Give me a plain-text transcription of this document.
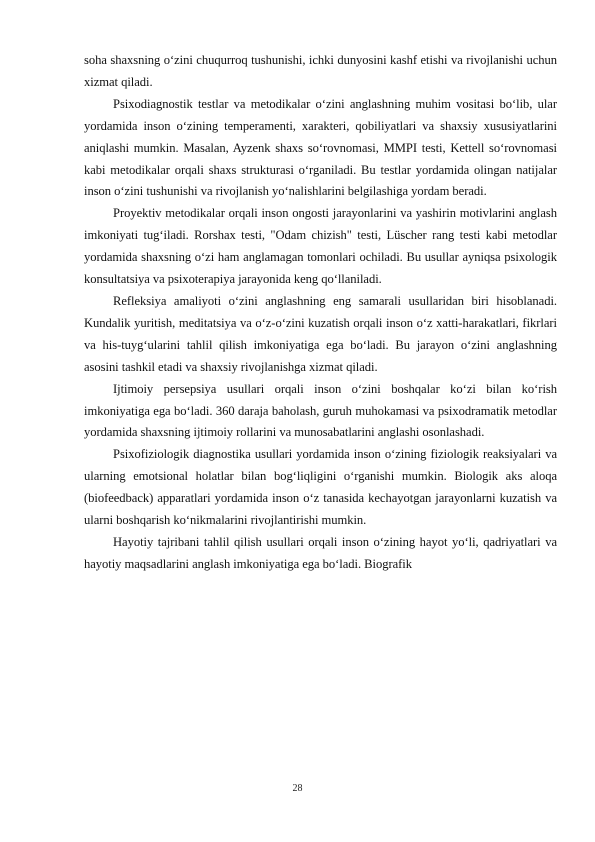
soha shaxsning o‘zini chuqurroq tushunishi, ichki dunyosini kashf etishi va rivojlanishi uchun xizmat qiladi.

Psixodiagnostik testlar va metodikalar o‘zini anglashning muhim vositasi bo‘lib, ular yordamida inson o‘zining temperamenti, xarakteri, qobiliyatlari va shaxsiy xususiyatlarini aniqlashi mumkin. Masalan, Ayzenk shaxs so‘rovnomasi, MMPI testi, Kettell so‘rovnomasi kabi metodikalar orqali shaxs strukturasi o‘rganiladi. Bu testlar yordamida olingan natijalar inson o‘zini tushunishi va rivojlanish yo‘nalishlarini belgilashiga yordam beradi.

Proyektiv metodikalar orqali inson ongosti jarayonlarini va yashirin motivlarini anglash imkoniyati tug‘iladi. Rorshax testi, "Odam chizish" testi, Lüscher rang testi kabi metodlar yordamida shaxsning o‘zi ham anglamagan tomonlari ochiladi. Bu usullar ayniqsa psixologik konsultatsiya va psixoterapiya jarayonida keng qo‘llaniladi.

Refleksiya amaliyoti o‘zini anglashning eng samarali usullaridan biri hisoblanadi. Kundalik yuritish, meditatsiya va o‘z-o‘zini kuzatish orqali inson o‘z xatti-harakatlari, fikrlari va his-tuyg‘ularini tahlil qilish imkoniyatiga ega bo‘ladi. Bu jarayon o‘zini anglashning asosini tashkil etadi va shaxsiy rivojlanishga xizmat qiladi.

Ijtimoiy persepsiya usullari orqali inson o‘zini boshqalar ko‘zi bilan ko‘rish imkoniyatiga ega bo‘ladi. 360 daraja baholash, guruh muhokamasi va psixodramatik metodlar yordamida shaxsning ijtimoiy rollarini va munosabatlarini anglashi osonlashadi.

Psixofiziologik diagnostika usullari yordamida inson o‘zining fiziologik reaksiyalari va ularning emotsional holatlar bilan bog‘liqligini o‘rganishi mumkin. Biologik aks aloqa (biofeedback) apparatlari yordamida inson o‘z tanasida kechayotgan jarayonlarni kuzatish va ularni boshqarish ko‘nikmalarini rivojlantirishi mumkin.

Hayotiy tajribani tahlil qilish usullari orqali inson o‘zining hayot yo‘li, qadriyatlari va hayotiy maqsadlarini anglash imkoniyatiga ega bo‘ladi. Biografik

28
